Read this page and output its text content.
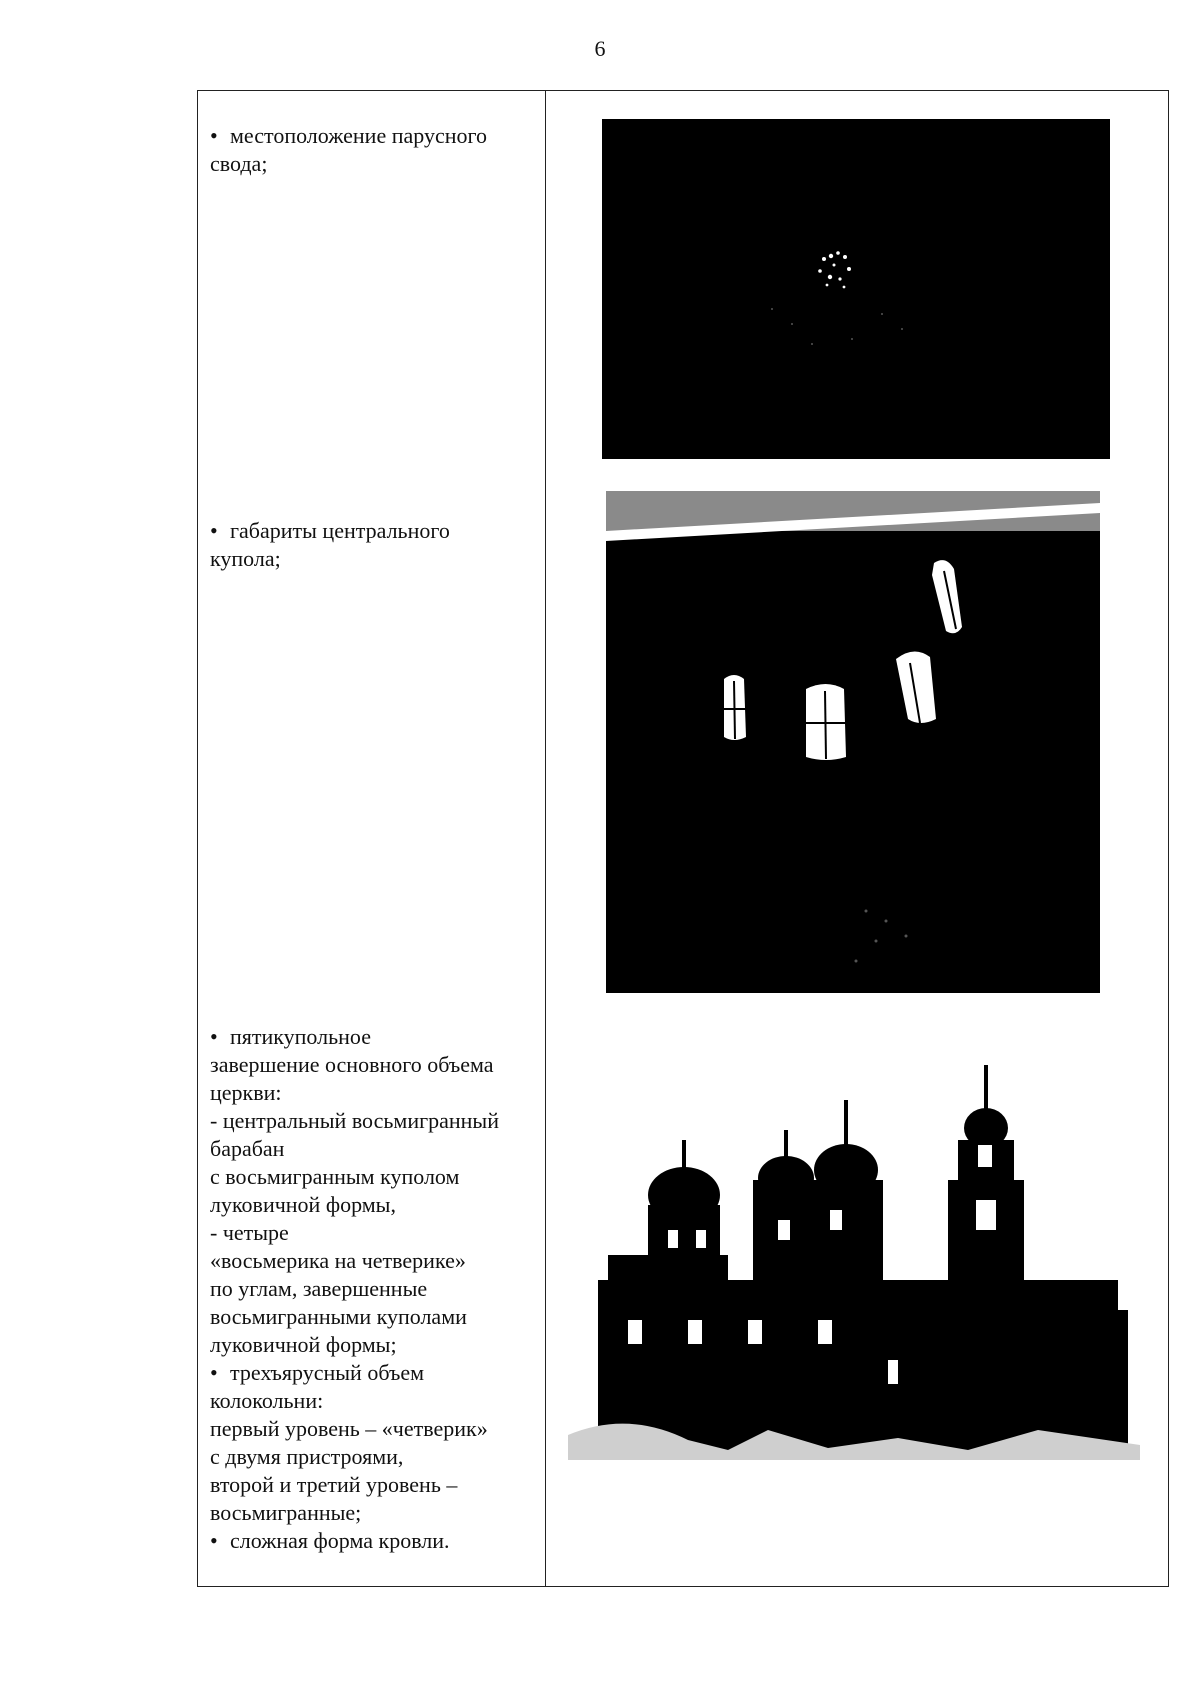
6
• местоположение парусного
свода;
• габариты центрального
купола;
• пятикупольное
завершение основного объема
церкви:
- центральный восьмигранный
барабан
с восьмигранным куполом
луковичной формы,
- четыре
«восьмерика на четверике»
по углам, завершенные
восьмигранными куполами
луковичной формы;
• трехъярусный объем
колокольни:
первый уровень – «четверик»
с двумя пристроями,
второй и третий уровень –
восьмигранные;
• сложная форма кровли.
